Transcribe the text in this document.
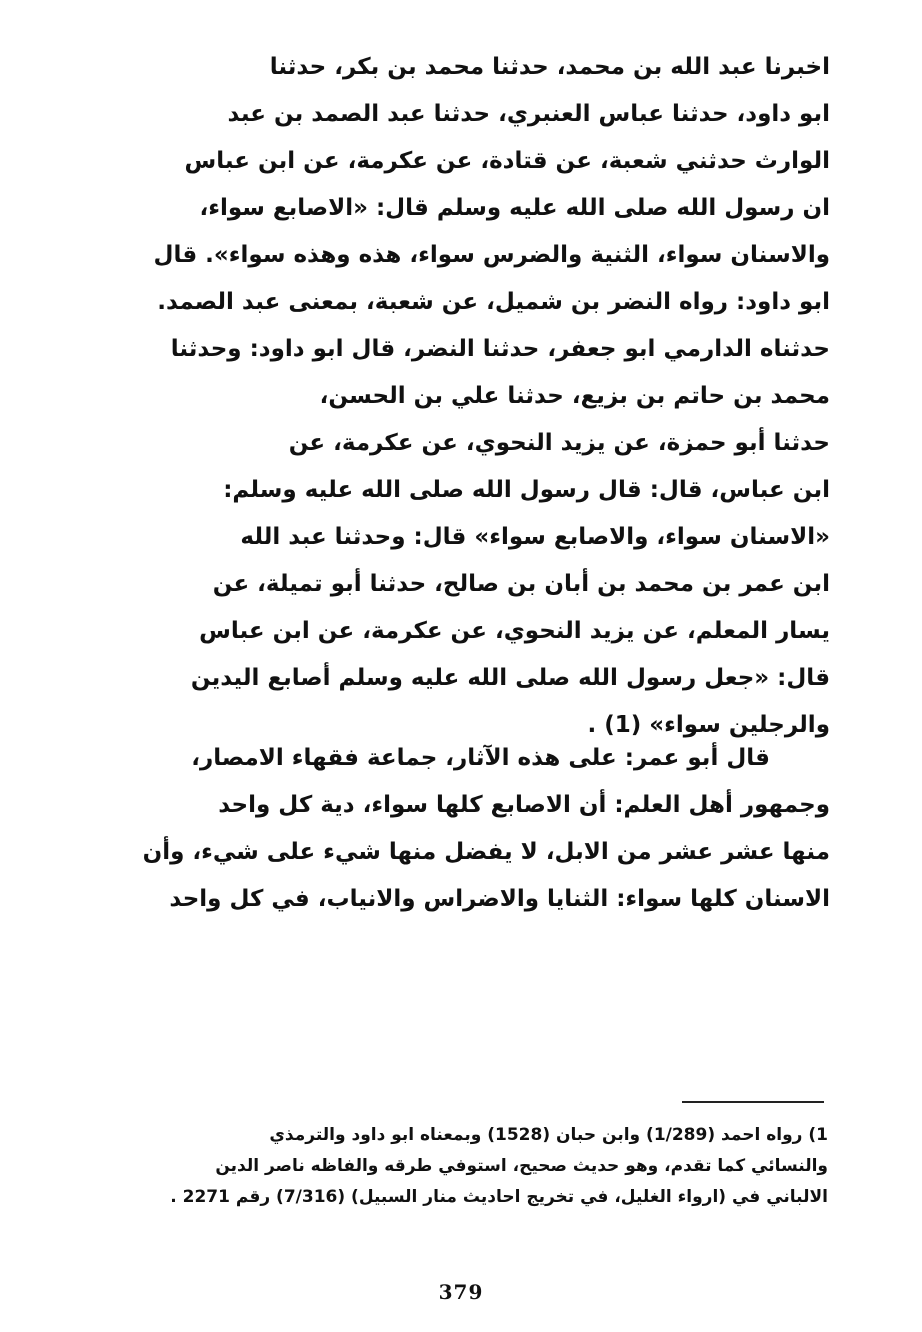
اخبرنا عبد الله بن محمد، حدثنا محمد بن بكر، حدثنا
ابو داود، حدثنا عباس العنبري، حدثنا عبد الصمد بن عبد
الوارث حدثني شعبة، عن قتادة، عن عكرمة، عن ابن عباس
ان رسول الله صلى الله عليه وسلم قال: «الاصابع سواء،
والاسنان سواء، الثنية والضرس سواء، هذه وهذه سواء». قال
ابو داود: رواه النضر بن شميل، عن شعبة، بمعنى عبد الصمد.
حدثناه الدارمي ابو جعفر، حدثنا النضر، قال ابو داود: وحدثنا
محمد بن حاتم بن بزيع، حدثنا علي بن الحسن،
حدثنا أبو حمزة، عن يزيد النحوي، عن عكرمة، عن
ابن عباس، قال: قال رسول الله صلى الله عليه وسلم:
«الاسنان سواء، والاصابع سواء» قال: وحدثنا عبد الله
ابن عمر بن محمد بن أبان بن صالح، حدثنا أبو تميلة، عن
يسار المعلم، عن يزيد النحوي، عن عكرمة، عن ابن عباس
قال: «جعل رسول الله صلى الله عليه وسلم أصابع اليدين
والرجلين سواء» (1) .
قال أبو عمر: على هذه الآثار، جماعة فقهاء الامصار،
وجمهور أهل العلم: أن الاصابع كلها سواء، دية كل واحد
منها عشر عشر من الابل، لا يفضل منها شيء على شيء، وأن
الاسنان كلها سواء: الثنايا والاضراس والانياب، في كل واحد
1) رواه احمد (1/289) وابن حبان (1528) وبمعناه ابو داود والترمذي
والنسائي كما تقدم، وهو حديث صحيح، استوفي طرقه والفاظه ناصر الدين
الالباني في (ارواء الغليل، في تخريج احاديث منار السبيل) (7/316) رقم 2271 .
379
